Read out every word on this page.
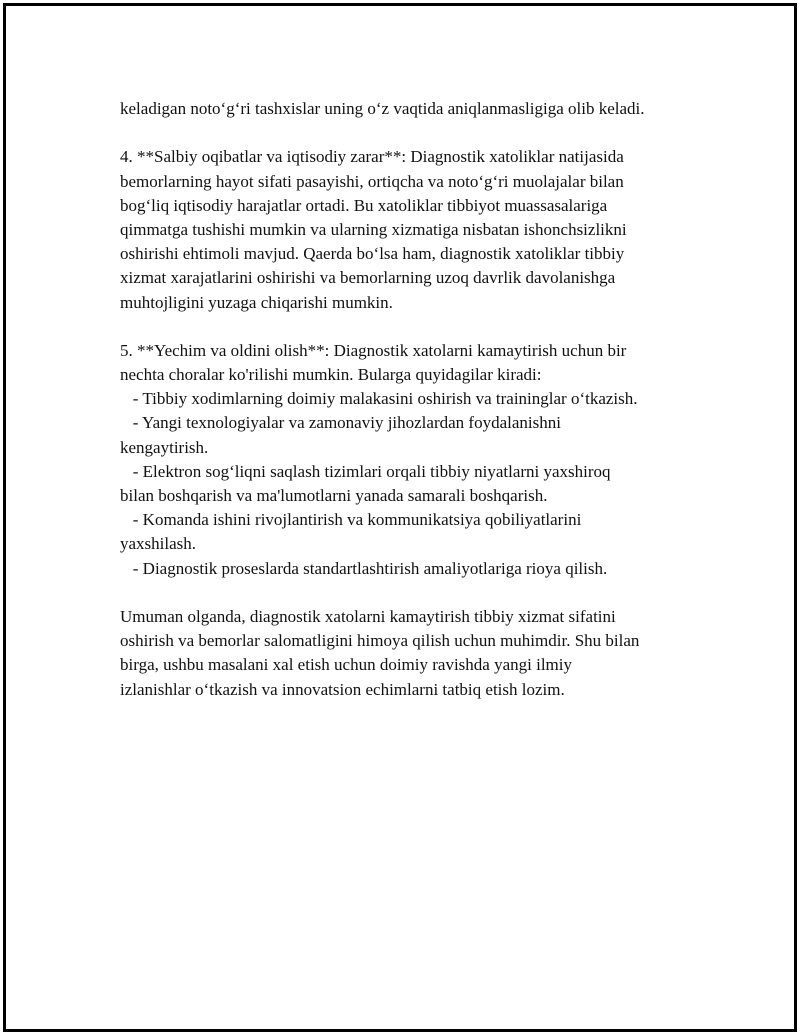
keladigan noto‘g‘ri tashxislar uning o‘z vaqtida aniqlanmasligiga olib keladi.
4. **Salbiy oqibatlar va iqtisodiy zarar**: Diagnostik xatoliklar natijasida
bemorlarning hayot sifati pasayishi, ortiqcha va noto‘g‘ri muolajalar bilan
bog‘liq iqtisodiy harajatlar ortadi. Bu xatoliklar tibbiyot muassasalariga
qimmatga tushishi mumkin va ularning xizmatiga nisbatan ishonchsizlikni
oshirishi ehtimoli mavjud. Qaerda bo‘lsa ham, diagnostik xatoliklar tibbiy
xizmat xarajatlarini oshirishi va bemorlarning uzoq davrlik davolanishga
muhtojligini yuzaga chiqarishi mumkin.
5. **Yechim va oldini olish**: Diagnostik xatolarni kamaytirish uchun bir
nechta choralar ko'rilishi mumkin. Bularga quyidagilar kiradi:
- Tibbiy xodimlarning doimiy malakasini oshirish va traininglar o‘tkazish.
- Yangi texnologiyalar va zamonaviy jihozlardan foydalanishni
kengaytirish.
- Elektron sog‘liqni saqlash tizimlari orqali tibbiy niyatlarni yaxshiroq
bilan boshqarish va ma'lumotlarni yanada samarali boshqarish.
- Komanda ishini rivojlantirish va kommunikatsiya qobiliyatlarini
yaxshilash.
- Diagnostik proseslarda standartlashtirish amaliyotlariga rioya qilish.
Umuman olganda, diagnostik xatolarni kamaytirish tibbiy xizmat sifatini
oshirish va bemorlar salomatligini himoya qilish uchun muhimdir. Shu bilan
birga, ushbu masalani xal etish uchun doimiy ravishda yangi ilmiy
izlanishlar o‘tkazish va innovatsion echimlarni tatbiq etish lozim.
